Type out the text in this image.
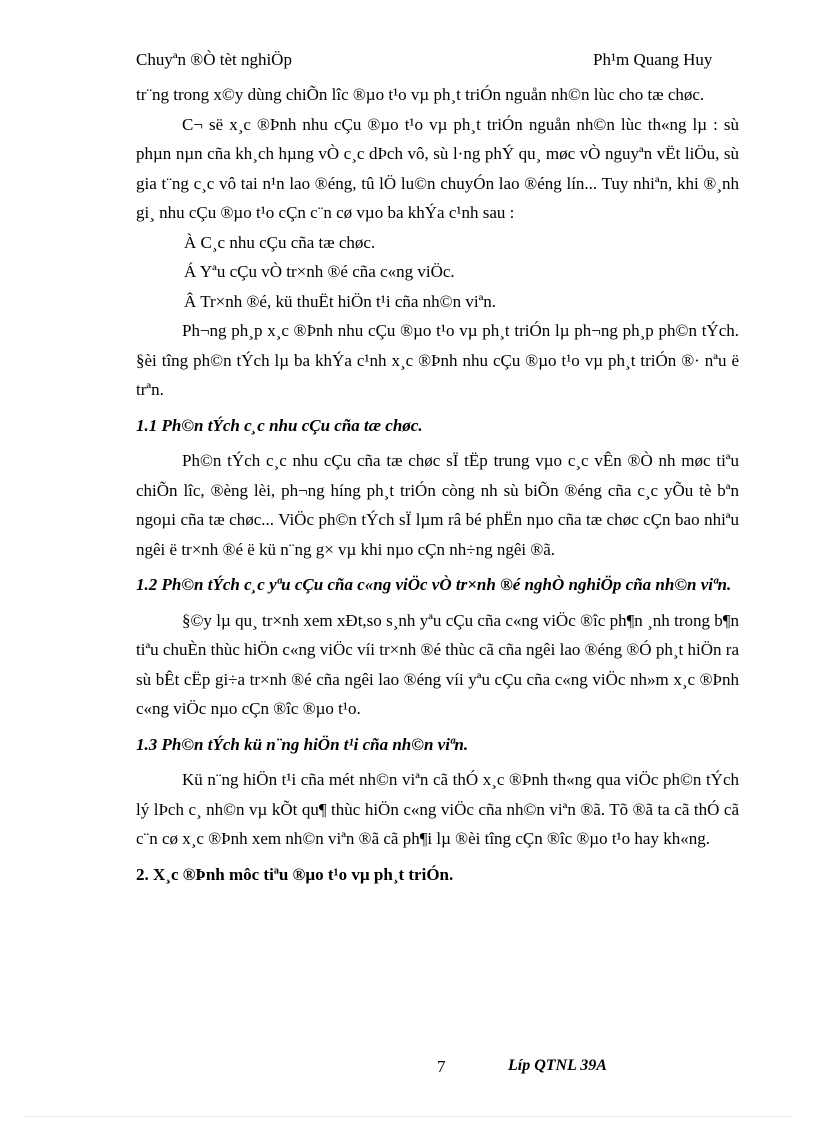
Chuyªn ®Ò tèt nghiÖp	Ph¹m Quang Huy

tr¨ng trong x©y dùng chiÕn lîc ®µo t¹o vµ ph¸t triÓn nguån nh©n lùc cho tæ chøc.

C¬ së x¸c ®Þnh nhu cÇu ®µo t¹o vµ ph¸t triÓn nguån nh©n lùc th«ng lµ : sù phµn nµn cña kh¸ch hµng vÒ c¸c dÞch vô, sù l·ng phÝ qu¸ møc vÒ nguyªn vËt liÖu, sù gia t¨ng c¸c vô tai n¹n lao ®éng, tû lÖ lu©n chuyÓn lao ®éng lín... Tuy nhiªn, khi ®¸nh gi¸ nhu cÇu ®µo t¹o cÇn c¨n cø vµo ba khÝa c¹nh sau :

À C¸c nhu cÇu cña tæ chøc.

Á Yªu cÇu vÒ tr×nh ®é cña c«ng viÖc.

Â Tr×nh ®é, kü thuËt hiÖn t¹i cña nh©n viªn.

Ph¬ng ph¸p x¸c ®Þnh nhu cÇu ®µo t¹o vµ ph¸t triÓn lµ ph¬ng ph¸p ph©n tÝch. §èi tîng ph©n tÝch lµ ba khÝa c¹nh x¸c ®Þnh nhu cÇu ®µo t¹o vµ ph¸t triÓn ®· nªu ë trªn.

1.1 Ph©n tÝch c¸c nhu cÇu cña tæ chøc.

Ph©n tÝch c¸c nhu cÇu cña tæ chøc sÏ tËp trung vµo c¸c vÊn ®Ò nh møc tiªu chiÕn lîc, ®èng lèi, ph¬ng híng ph¸t triÓn còng nh sù biÕn ®éng cña c¸c yÕu tè bªn ngoµi cña tæ chøc... ViÖc ph©n tÝch sÏ lµm râ bé phËn nµo cña tæ chøc cÇn bao nhiªu ngêi ë tr×nh ®é ë kü n¨ng g× vµ khi nµo cÇn nh÷ng ngêi ®ã.

1.2 Ph©n tÝch c¸c yªu cÇu cña c«ng viÖc vÒ tr×nh ®é nghÒ nghiÖp cña nh©n viªn.

§©y lµ qu¸ tr×nh xem xÐt,so s¸nh yªu cÇu cña c«ng viÖc ®îc ph¶n ¸nh trong b¶n tiªu chuÈn thùc hiÖn c«ng viÖc víi tr×nh ®é thùc cã cña ngêi lao ®éng ®Ó ph¸t hiÖn ra sù bÊt cËp gi÷a tr×nh ®é cña ngêi lao ®éng víi yªu cÇu cña c«ng viÖc nh»m x¸c ®Þnh c«ng viÖc nµo cÇn ®îc ®µo t¹o.

1.3 Ph©n tÝch kü n¨ng hiÖn t¹i cña nh©n viªn.

Kü n¨ng hiÖn t¹i cña mét nh©n viªn cã thÓ x¸c ®Þnh th«ng qua viÖc ph©n tÝch lý lÞch c¸ nh©n vµ kÕt qu¶ thùc hiÖn c«ng viÖc cña nh©n viªn ®ã. Tõ ®ã ta cã thÓ cã c¨n cø x¸c ®Þnh xem nh©n viªn ®ã cã ph¶i lµ ®èi tîng cÇn ®îc ®µo t¹o hay kh«ng.

2. X¸c ®Þnh môc tiªu ®µo t¹o vµ ph¸t triÓn.

7	Líp QTNL 39A
